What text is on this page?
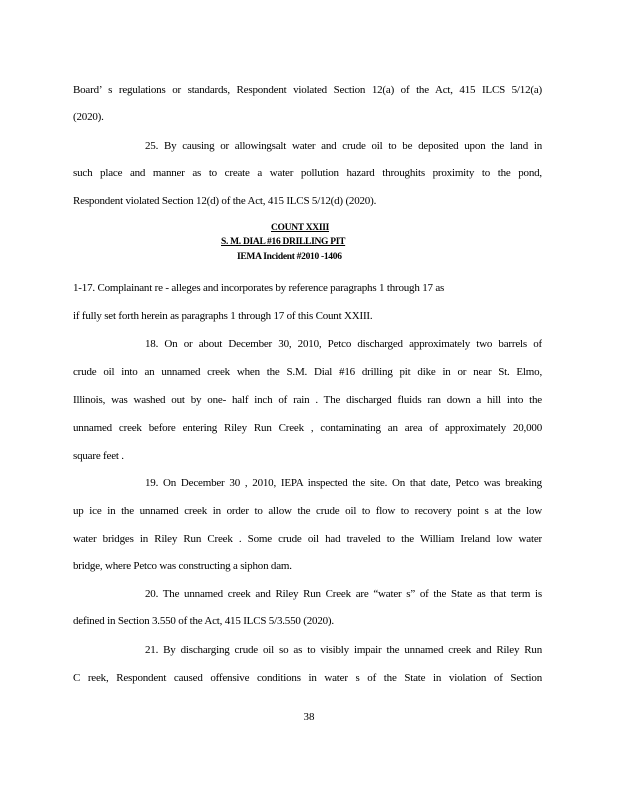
Board’ s regulations or standards, Respondent violated Section 12(a) of the Act, 415 ILCS 5/12(a)
(2020).
25. By causing or allowingsalt water and crude oil to be deposited upon the land in
such place and manner as to create a water pollution hazard throughits proximity to the pond,
Respondent violated Section 12(d) of the Act, 415 ILCS 5/12(d) (2020).
COUNT XXIII
S. M. DIAL #16 DRILLING PIT
IEMA Incident #2010 -1406
1-17. Complainant re - alleges and incorporates by reference paragraphs 1 through 17 as
if fully set forth herein as paragraphs 1 through 17 of this Count XXIII.
18. On or about December 30, 2010, Petco discharged approximately two barrels of
crude oil into an unnamed creek when the S.M. Dial #16 drilling pit dike in or near St. Elmo,
Illinois, was washed out by one- half inch of rain . The discharged fluids ran down a hill into the
unnamed creek before entering Riley Run Creek , contaminating an area of approximately 20,000
square feet .
19. On December 30 , 2010, IEPA inspected the site. On that date, Petco was breaking
up ice in the unnamed creek in order to allow the crude oil to flow to recovery point s at the low
water bridges in Riley Run Creek . Some crude oil had traveled to the William Ireland low water
bridge, where Petco was constructing a siphon dam.
20. The unnamed creek and Riley Run Creek are “water s” of the State as that term is
defined in Section 3.550 of the Act, 415 ILCS 5/3.550 (2020).
21. By discharging crude oil so as to visibly impair the unnamed creek and Riley Run
C reek, Respondent caused offensive conditions in water s of the State in violation of Section
38
